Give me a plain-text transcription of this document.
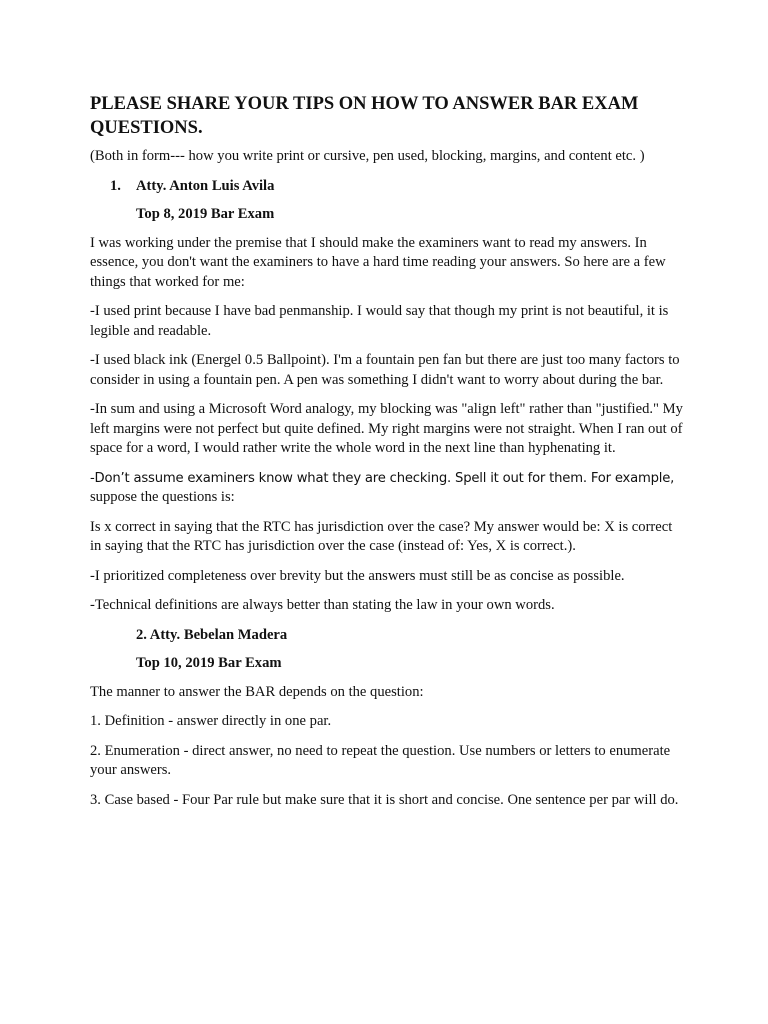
PLEASE SHARE YOUR TIPS ON HOW TO ANSWER BAR EXAM QUESTIONS.

(Both in form--- how you write print or cursive, pen used, blocking, margins, and content etc. )

1.	Atty. Anton Luis Avila
Top 8, 2019 Bar Exam

I was working under the premise that I should make the examiners want to read my answers. In essence, you don't want the examiners to have a hard time reading your answers. So here are a few things that worked for me:

-I used print because I have bad penmanship. I would say that though my print is not beautiful, it is legible and readable.

-I used black ink (Energel 0.5 Ballpoint). I'm a fountain pen fan but there are just too many factors to consider in using a fountain pen. A pen was something I didn't want to worry about during the bar.

-In sum and using a Microsoft Word analogy, my blocking was "align left" rather than "justified." My left margins were not perfect but quite defined. My right margins were not straight. When I ran out of space for a word, I would rather write the whole word in the next line than hyphenating it.

-Don’t assume examiners know what they are checking. Spell it out for them. For example,
suppose the questions is:

Is x correct in saying that the RTC has jurisdiction over the case? My answer would be: X is correct in saying that the RTC has jurisdiction over the case (instead of: Yes, X is correct.).

-I prioritized completeness over brevity but the answers must still be as concise as possible.

-Technical definitions are always better than stating the law in your own words.

2. Atty. Bebelan Madera
Top 10, 2019 Bar Exam

The manner to answer the BAR depends on the question:

1. Definition - answer directly in one par.

2. Enumeration - direct answer, no need to repeat the question. Use numbers or letters to enumerate your answers.

3. Case based - Four Par rule but make sure that it is short and concise. One sentence per par will do.
